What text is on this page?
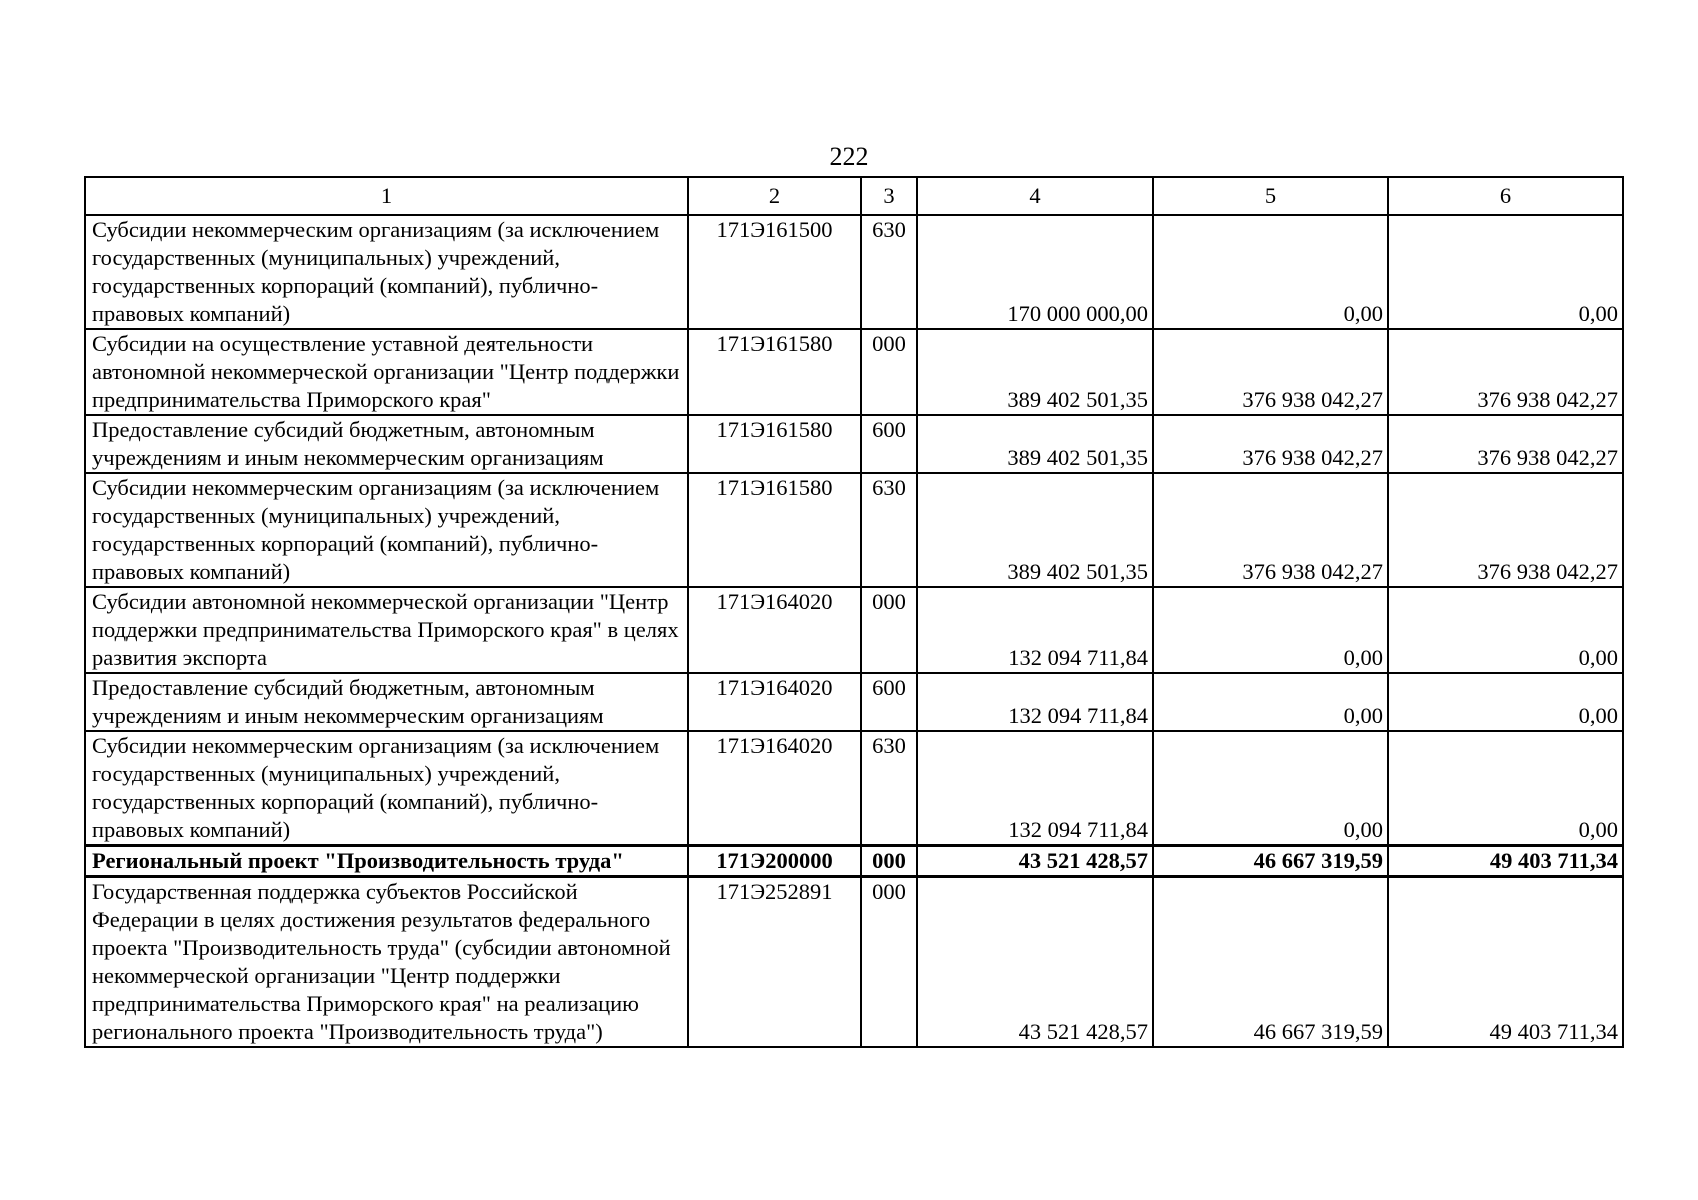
222
1	2	3	4	5	6
Субсидии некоммерческим организациям (за исключением государственных (муниципальных) учреждений, государственных корпораций (компаний), публично-правовых компаний)	171Э161500	630	170 000 000,00	0,00	0,00
Субсидии на осуществление уставной деятельности автономной некоммерческой организации "Центр поддержки предпринимательства Приморского края"	171Э161580	000	389 402 501,35	376 938 042,27	376 938 042,27
Предоставление субсидий бюджетным, автономным учреждениям и иным некоммерческим организациям	171Э161580	600	389 402 501,35	376 938 042,27	376 938 042,27
Субсидии некоммерческим организациям (за исключением государственных (муниципальных) учреждений, государственных корпораций (компаний), публично-правовых компаний)	171Э161580	630	389 402 501,35	376 938 042,27	376 938 042,27
Субсидии автономной некоммерческой организации "Центр поддержки предпринимательства Приморского края" в целях развития экспорта	171Э164020	000	132 094 711,84	0,00	0,00
Предоставление субсидий бюджетным, автономным учреждениям и иным некоммерческим организациям	171Э164020	600	132 094 711,84	0,00	0,00
Субсидии некоммерческим организациям (за исключением государственных (муниципальных) учреждений, государственных корпораций (компаний), публично-правовых компаний)	171Э164020	630	132 094 711,84	0,00	0,00
Региональный проект "Производительность труда"	171Э200000	000	43 521 428,57	46 667 319,59	49 403 711,34
Государственная поддержка субъектов Российской Федерации в целях достижения результатов федерального проекта "Производительность труда" (субсидии автономной некоммерческой организации "Центр поддержки предпринимательства Приморского края" на реализацию регионального проекта "Производительность труда")	171Э252891	000	43 521 428,57	46 667 319,59	49 403 711,34
